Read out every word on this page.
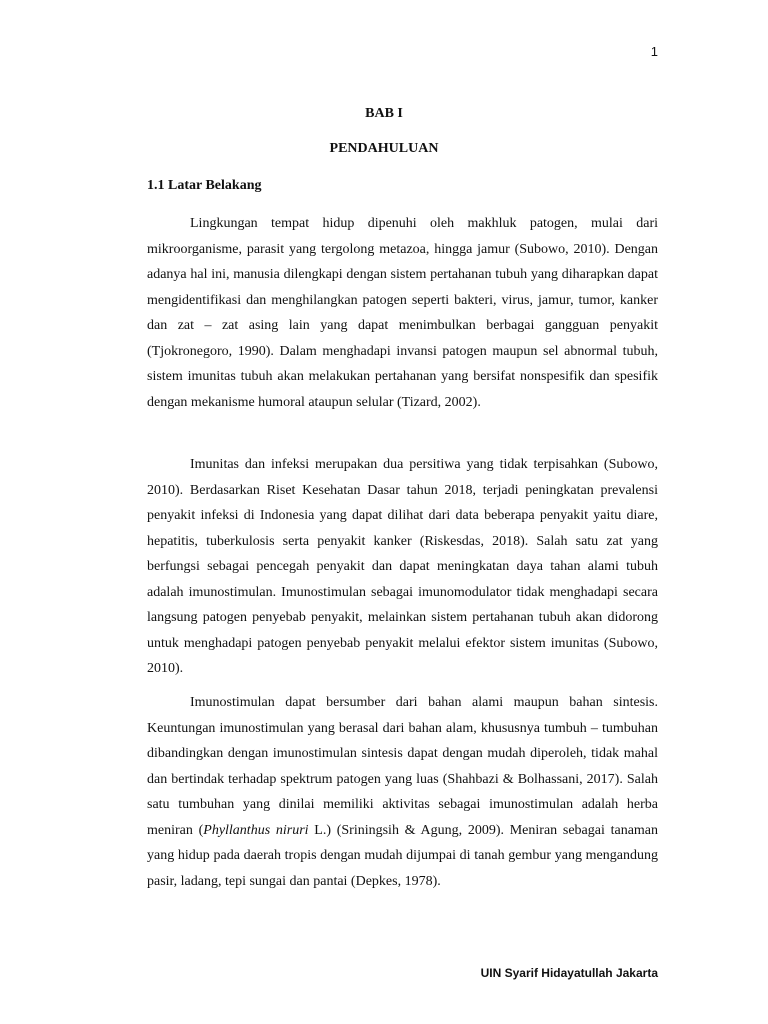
1
BAB I
PENDAHULUAN
1.1 Latar Belakang

Lingkungan tempat hidup dipenuhi oleh makhluk patogen, mulai dari mikroorganisme, parasit yang tergolong metazoa, hingga jamur (Subowo, 2010). Dengan adanya hal ini, manusia dilengkapi dengan sistem pertahanan tubuh yang diharapkan dapat mengidentifikasi dan menghilangkan patogen seperti bakteri, virus, jamur, tumor, kanker dan zat – zat asing lain yang dapat menimbulkan berbagai gangguan penyakit (Tjokronegoro, 1990). Dalam menghadapi invansi patogen maupun sel abnormal tubuh, sistem imunitas tubuh akan melakukan pertahanan yang bersifat nonspesifik dan spesifik dengan mekanisme humoral ataupun selular (Tizard, 2002).

Imunitas dan infeksi merupakan dua persitiwa yang tidak terpisahkan (Subowo, 2010). Berdasarkan Riset Kesehatan Dasar tahun 2018, terjadi peningkatan prevalensi penyakit infeksi di Indonesia yang dapat dilihat dari data beberapa penyakit yaitu diare, hepatitis, tuberkulosis serta penyakit kanker (Riskesdas, 2018). Salah satu zat yang berfungsi sebagai pencegah penyakit dan dapat meningkatan daya tahan alami tubuh adalah imunostimulan. Imunostimulan sebagai imunomodulator tidak menghadapi secara langsung patogen penyebab penyakit, melainkan sistem pertahanan tubuh akan didorong untuk menghadapi patogen penyebab penyakit melalui efektor sistem imunitas (Subowo, 2010).

Imunostimulan dapat bersumber dari bahan alami maupun bahan sintesis. Keuntungan imunostimulan yang berasal dari bahan alam, khususnya tumbuh – tumbuhan dibandingkan dengan imunostimulan sintesis dapat dengan mudah diperoleh, tidak mahal dan bertindak terhadap spektrum patogen yang luas (Shahbazi & Bolhassani, 2017). Salah satu tumbuhan yang dinilai memiliki aktivitas sebagai imunostimulan adalah herba meniran (Phyllanthus niruri L.) (Sriningsih & Agung, 2009). Meniran sebagai tanaman yang hidup pada daerah tropis dengan mudah dijumpai di tanah gembur yang mengandung pasir, ladang, tepi sungai dan pantai (Depkes, 1978).

UIN Syarif Hidayatullah Jakarta
